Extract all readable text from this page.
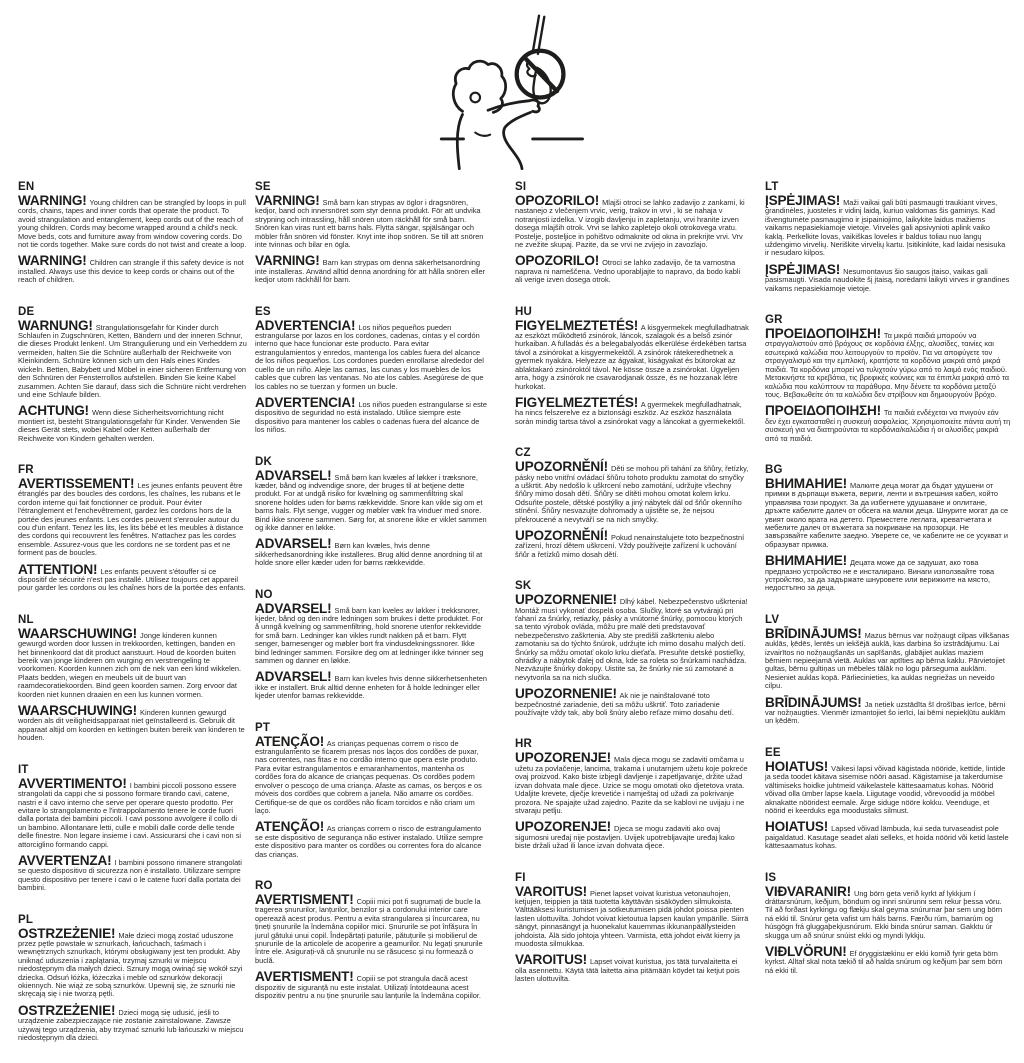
EN

WARNING! Young children can be strangled by loops in pull cords, chains, tapes and inner cords that operate the product. To avoid strangulation and entanglement, keep cords out of the reach of young children. Cords may become wrapped around a child's neck. Move beds, cots and furniture away from window covering cords. Do not tie cords together. Make sure cords do not twist and create a loop.

WARNING! Children can strangle if this safety device is not installed. Always use this device to keep cords or chains out of the reach of children.

DE

WARNUNG! Strangulationsgefahr für Kinder durch Schlaufen in Zugschnüren, Ketten, Bändern und der inneren Schnur, die dieses Produkt lenken!. Um Strangulierung und ein Verheddern zu vermeiden, halten Sie die Schnüre außerhalb der Reichweite von Kleinkindern. Schnüre können sich um den Hals eines Kindes wickeln. Betten, Babybett und Möbel in einer sicheren Entfernung von den Schnüren der Fensterrollos aufstellen. Binden Sie keine Kabel zusammen. Achten Sie darauf, dass sich die Schnüre nicht verdrehen und eine Schlaufe bilden.

ACHTUNG! Wenn diese Sicherheitsvorrichtung nicht montiert ist, besteht Strangulationsgefahr für Kinder. Verwenden Sie dieses Gerät stets, wobei Kabel oder Ketten außerhalb der Reichweite von Kindern gehalten werden.

FR

AVERTISSEMENT! Les jeunes enfants peuvent être étranglés par des boucles des cordons, les chaînes, les rubans et le cordon interne qui fait fonctionner ce produit. Pour éviter l'étranglement et l'enchevêtrement, gardez les cordons hors de la portée des jeunes enfants. Les cordes peuvent s'enrouler autour du cou d'un enfant. Tenez les lits, les lits bébé et les meubles à distance des cordons qui recouvrent les fenêtres. N'attachez pas les cordes ensemble. Assurez-vous que les cordons ne se tordent pas et ne forment pas de boucles.

ATTENTION! Les enfants peuvent s'étouffer si ce dispositif de sécurité n'est pas installé. Utilisez toujours cet appareil pour garder les cordons ou les chaînes hors de la portée des enfants.

NL

WAARSCHUWING! Jonge kinderen kunnen gewurgd worden door lussen in trekkoorden, kettingen, banden en het binnenkoord dat dit product aanstuurt. Houd de koorden buiten bereik van jonge kinderen om wurging en verstrengeling te voorkomen. Koorden kunnen zich om de nek van een kind wikkelen. Plaats bedden, wiegen en meubels uit de buurt van raamdecoratiekoorden. Bind geen koorden samen. Zorg ervoor dat koorden niet kunnen draaien en een lus kunnen vormen.

WAARSCHUWING! Kinderen kunnen gewurgd worden als dit veiligheidsapparaat niet geïnstalleerd is. Gebruik dit apparaat altijd om koorden en kettingen buiten bereik van kinderen te houden.

IT

AVVERTIMENTO! I bambini piccoli possono essere strangolati da cappi che si possono formare tirando cavi, catene, nastri e il cavo interno che serve per operare questo prodotto. Per evitare lo strangolamento e l'intrappolamento tenere le corde fuori dalla portata dei bambini piccoli. I cavi possono avvolgere il collo di un bambino. Allontanare letti, culle e mobili dalle corde delle tende delle finestre. Non legare insieme i cavi. Assicurarsi che i cavi non si attorciglino formando cappi.

AVVERTENZA! I bambini possono rimanere strangolati se questo dispositivo di sicurezza non è installato. Utilizzare sempre questo dispositivo per tenere i cavi o le catene fuori dalla portata dei bambini.

PL

OSTRZEŻENIE! Małe dzieci mogą zostać uduszone przez pętle powstałe w sznurkach, łańcuchach, taśmach i wewnętrznych sznurkach, którymi obsługiwany jest ten produkt. Aby uniknąć uduszenia i zaplątania, trzymaj sznurki w miejscu niedostępnym dla małych dzieci. Sznury mogą owinąć się wokół szyi dziecka. Odsuń łóżka, łóżeczka i meble od sznurków dekoracji okiennych. Nie wiąż ze sobą sznurków. Upewnij się, że sznurki nie skręcają się i nie tworzą pętli.

OSTRZEŻENIE! Dzieci mogą się udusić, jeśli to urządzenie zabezpieczające nie zostanie zainstalowane. Zawsze używaj tego urządzenia, aby trzymać sznurki lub łańcuszki w miejscu niedostępnym dla dzieci.

SE

VARNING! Små barn kan strypas av öglor i dragsnören, kedjor, band och innersnöret som styr denna produkt. För att undvika strypning och intrassling, håll snören utom räckhåll för små barn. Snören kan viras runt ett barns hals. Flytta sängar, spjälsängar och möbler från snören vid fönster. Knyt inte ihop snören. Se till att snören inte tvinnas och bilar en ögla.

VARNING! Barn kan strypas om denna säkerhetsanordning inte installeras. Använd alltid denna anordning för att hålla snören eller kedjor utom räckhåll för barn.

ES

ADVERTENCIA! Los niños pequeños pueden estrangularse por lazos en los cordones, cadenas, cintas y el cordón interno que hace funcionar este producto. Para evitar estrangulamientos y enredos, mantenga los cables fuera del alcance de los niños pequeños. Los cordones pueden enrollarse alrededor del cuello de un niño. Aleje las camas, las cunas y los muebles de los cables que cubren las ventanas. No ate los cables. Asegúrese de que los cables no se tuerzan y formen un bucle.

ADVERTENCIA! Los niños pueden estrangularse si este dispositivo de seguridad no está instalado. Utilice siempre este dispositivo para mantener los cables o cadenas fuera del alcance de los niños.

DK

ADVARSEL! Små børn kan kvæles af løkker i træksnore, kæder, bånd og indvendige snore, der bruges til at betjene dette produkt. For at undgå risiko for kvælning og sammenfiltring skal snorene holdes uden for børns rækkevidde. Snore kan vikle sig om et barns hals. Flyt senge, vugger og møbler væk fra vinduer med snore. Bind ikke snorene sammen. Sørg for, at snorene ikke er viklet sammen og ikke danner en løkke.

ADVARSEL! Børn kan kvæles, hvis denne sikkerhedsanordning ikke installeres. Brug altid denne anordning til at holde snore eller kæder uden for børns rækkevidde.

NO

ADVARSEL! Små barn kan kveles av løkker i trekksnorer, kjeder, bånd og den indre ledningen som brukes i dette produktet. For å unngå kvelning og sammenfiltring, hold snorene utenfor rekkevidde for små barn. Ledninger kan vikles rundt nakken på et barn. Flytt senger, barnesenger og møbler bort fra vindusdekningssnorer. Ikke bind ledninger sammen. Forsikre deg om at ledninger ikke tvinner seg sammen og danner en løkke.

ADVARSEL! Barn kan kveles hvis denne sikkerhetsenheten ikke er installert. Bruk alltid denne enheten for å holde ledninger eller kjeder utenfor barnas rekkevidde.

PT

ATENÇÃO! As crianças pequenas correm o risco de estrangulamento se ficarem presas nos laços dos cordões de puxar, nas correntes, nas fitas e no cordão interno que opera este produto. Para evitar estrangulamentos e emaranhamentos, mantenha os cordões fora do alcance de crianças pequenas. Os cordões podem envolver o pescoço de uma criança. Afaste as camas, os berços e os móveis dos cordões que cobrem a janela. Não amarre os cordões. Certifique-se de que os cordões não ficam torcidos e não criam um laço.

ATENÇÃO! As crianças correm o risco de estrangulamento se este dispositivo de segurança não estiver instalado. Utilize sempre este dispositivo para manter os cordões ou correntes fora do alcance das crianças.

RO

AVERTISMENT! Copiii mici pot fi sugrumați de bucle la tragerea șnururilor, lanțurilor, benzilor și a cordonului interior care operează acest produs. Pentru a evita strangularea și încurcarea, nu țineți șnururile la îndemâna copiilor mici. Șnururile se pot înfășura în jurul gâtului unui copil. Îndepărtați paturile, pătuțurile și mobilierul de șnururile de la articolele de acoperire a geamurilor. Nu legați șnururile între ele. Asigurați-vă că șnururile nu se răsucesc și nu formează o buclă.

AVERTISMENT! Copiii se pot strangula dacă acest dispozitiv de siguranță nu este instalat. Utilizați întotdeauna acest dispozitiv pentru a nu ține șnururile sau lanțurile la îndemâna copiilor.

SI

OPOZORILO! Mlajši otroci se lahko zadavijo z zankami, ki nastanejo z vlečenjem vrvic, verig, trakov in vrvi , ki se nahaja v notranjosti izdelka. V izogib davljenju in zapletanju, vrvi hranite izven dosega mlajših otrok. Vrvi se lahko zapletejo okoli otrokovega vratu. Postelje, posteljice in pohištvo odmaknite od okna in prekrijte vrvi. Vrv ne zvežite skupaj. Pazite, da se vrvi ne zvijejo in zavozlajo.

OPOZORILO! Otroci se lahko zadavijo, če ta varnostna naprava ni nameščena. Vedno uporabljajte to napravo, da bodo kabli ali verige izven dosega otrok.

HU

FIGYELMEZTETÉS! A kisgyermekek megfulladhatnak az eszközt működtető zsinórok, láncok, szalagok és a belső zsinór hurkaiban. A fulladás és a belegabalyodás elkerülése érdekében tartsa távol a zsinórokat a kisgyermekektől. A zsinórok rátekeredhetnek a gyermek nyakára. Helyezze az ágyakat, kiságyakat és bútorokat az ablaktakaró zsinóroktól távol. Ne kösse össze a zsinórokat. Ügyeljen arra, hogy a zsinórok ne csavarodjanak össze, és ne hozzanak létre hurkokat.

FIGYELMEZTETÉS! A gyermekek megfulladhatnak, ha nincs felszerelve ez a biztonsági eszköz. Az eszköz használata során mindig tartsa távol a zsinórokat vagy a láncokat a gyermekektől.

CZ

UPOZORNĚNÍ! Děti se mohou při tahání za šňůry, řetízky, pásky nebo vnitřní ovládací šňůru tohoto produktu zamotat do smyčky a uškrtit. Aby nedošlo k uškrcení nebo zamotání, udržujte všechny šňůry mimo dosah dětí. Šňůry se dítěti mohou omotat kolem krku. Odsuňte postele, dětské postýlky a jiný nábytek dál od šňůr okenního stínění. Šňůry nesvazujte dohromady a ujistěte se, že nejsou překroucené a nevytváří se na nich smyčky.

UPOZORNĚNÍ! Pokud nenainstalujete toto bezpečnostní zařízení, hrozí dětem uškrcení. Vždy používejte zařízení k uchování šňůr a řetízků mimo dosah dětí.

SK

UPOZORNENIE! Dlhý kábel. Nebezpečenstvo uškrtenia! Montáž musí vykonať dospelá osoba. Slučky, ktoré sa vytvárajú pri ťahaní za šnúrky, retiazky, pásky a vnútorné šnúrky, pomocou ktorých sa tento výrobok ovláda, môžu pre malé deti predstavovať nebezpečenstvo zaškrtenia. Aby ste predišli zaškrteniu alebo zamotaniu sa do týchto šnúrok, udržujte ich mimo dosahu malých detí. Šnúrky sa môžu omotať okolo krku dieťaťa. Presuňte detské postieľky, ohrádky a nábytok ďalej od okna, kde sa roleta so šnúrkami nachádza. Nezväzujte šnúrky dokopy. Uistite sa, že šnúrky nie sú zamotané a nevytvorila sa na nich slučka.

UPOZORNENIE! Ak nie je nainštalované toto bezpečnostné zariadenie, deti sa môžu uškrtiť. Toto zariadenie používajte vždy tak, aby boli šnúry alebo reťaze mimo dosahu detí.

HR

UPOZORENJE! Mala djeca mogu se zadaviti omčama u užetu za povlačenje, lancima, trakama i unutarnjem užetu koje pokreće ovaj proizvod. Kako biste izbjegli davljenje i zapetljavanje, držite užad izvan dohvata male djece. Uzice se mogu omotati oko djetetova vrata. Udaljite krevete, dječje krevetiće i namještaj od užadi za pokrivanje prozora. Ne spajajte užad zajedno. Pazite da se kablovi ne uvijaju i ne stvaraju petlju.

UPOZORENJE! Djeca se mogu zadaviti ako ovaj sigurnosni uređaj nije postavljen. Uvijek upotrebljavajte uređaj kako biste držali užad ili lance izvan dohvata djece.

FI

VAROITUS! Pienet lapset voivat kuristua vetonauhojen, ketjujen, teippien ja tätä tuotetta käyttävän sisäköyden silmukoista. Välttääksesi kuristumisen ja sotkeutumisen pidä johdot poissa pienten lasten ulottuvilta. Johdot voivat kietoutua lapsen kaulan ympärille. Siirrä sängyt, pinnasängyt ja huonekalut kauemmas ikkunanpäällysteiden johdoista. Älä sido johtoja yhteen. Varmista, että johdot eivät kierry ja muodosta silmukkaa.

VAROITUS! Lapset voivat kuristua, jos tätä turvalaitetta ei olla asennettu. Käytä tätä laitetta aina pitämään köydet tai ketjut pois lasten ulottuvilta.

LT

ĮSPĖJIMAS! Maži vaikai gali būti pasmaugti traukiant virves, grandinėles, juosteles ir vidinį laidą, kuriuo valdomas šis gaminys. Kad išvengtumėte pasmaugimo ir įsipainiojimo, laikykite laidus mažiems vaikams nepasiekiamoje vietoje. Virvelės gali apsivynioti aplink vaiko kaklą. Perkelkite lovas, vaikiškas loveles ir baldus toliau nuo langų uždengimo virvelių. Neriškite virvelių kartu. Įsitikinkite, kad laidai nesisuka ir nesudaro kilpos.

ĮSPĖJIMAS! Nesumontavus šio saugos įtaiso, vaikas gali pasismaugti. Visada naudokite šį įtaisą, norėdami laikyti virves ir grandines vaikams nepasiekiamoje vietoje.

GR

ΠΡΟΕΙΔΟΠΟΙΗΣΗ! Τα μικρά παιδιά μπορούν να στραγγαλιστούν από βρόχους σε κορδόνια έλξης, αλυσίδες, ταινίες και εσωτερικά καλώδια που λειτουργούν το προϊόν. Για να αποφύγετε τον στραγγαλισμό και την εμπλοκή, κρατήστε τα κορδόνια μακριά από μικρά παιδιά. Τα κορδόνια μπορεί να τυλιχτούν γύρω από το λαιμό ενός παιδιού. Μετακινήστε τα κρεβάτια, τις βρεφικές κούνιες και τα έπιπλα μακριά από τα καλώδια που καλύπτουν τα παράθυρα. Μην δένετε τα κορδόνια μεταξύ τους. Βεβαιωθείτε ότι τα καλώδια δεν στρίβουν και δημιουργούν βρόχο.

ΠΡΟΕΙΔΟΠΟΙΗΣΗ! Τα παιδιά ενδέχεται να πνιγούν εάν δεν έχει εγκατασταθεί η συσκευή ασφαλείας. Χρησιμοποιείτε πάντα αυτή τη συσκευή για να διατηρούνται τα κορδόνια/καλώδια ή οι αλυσίδες μακριά από τα παιδιά.

BG

ВНИМАНИЕ! Малките деца могат да бъдат удушени от примки в дърпащи въжета, вериги, ленти и вътрешния кабел, който управлява този продукт. За да избегнете удушаване и оплитане, дръжте кабелите далеч от обсега на малки деца. Шнурите могат да се увият около врата на детето. Преместете леглата, креватчетата и мебелите далеч от въжетата за покриване на прозорци. Не завързвайте кабелите заедно. Уверете се, че кабелите не се усукват и образуват примка.

ВНИМАНИЕ! Децата може да се задушат, ако това предпазно устройство не е инсталирано. Винаги използвайте това устройство, за да задържате шнуровете или верижките на място, недостъпно за деца.

LV

BRĪDINĀJUMS! Mazus bērnus var nožņaugt cilpas vilkšanas auklās, ķēdēs, lentēs un iekšējā auklā, kas darbina šo izstrādājumu. Lai izvairītos no nožņaugšanās un sapīšanās, glabājiet auklas maziem bērniem nepieejamā vietā. Auklas var aptīties ap bērna kaklu. Pārvietojiet gultas, bērnu gultiņas un mēbeles tālāk no logu pārseguma auklām. Nesieniet auklas kopā. Pārliecinieties, ka auklas negriežas un neveido cilpu.

BRĪDINĀJUMS! Ja netiek uzstādīta šī drošības ierīce, bērni var nožņaugties. Vienmēr izmantojiet šo ierīci, lai bērni nepiekļūtu auklām un ķēdēm.

EE

HOIATUS! Väikesi lapsi võivad kägistada nööride, kettide, lintide ja seda toodet käitava sisemise nööri aasad. Kägistamise ja takerdumise vältimiseks hoidke juhtmeid väikelastele kättesaamatus kohas. Nöörid võivad olla ümber lapse kaela. Liigutage voodid, võrevoodid ja mööbel aknakatte nööridest eemale. Ärge siduge nööre kokku. Veenduge, et nöörid ei keerduks ega moodustaks silmust.

HOIATUS! Lapsed võivad lämbuda, kui seda turvaseadist pole paigaldatud. Kasutage seadet alati selleks, et hoida nöörid või ketid lastele kättesaamatus kohas.

IS

VIÐVARANIR! Ung börn geta verið kyrkt af lykkjum í dráttarsnúrum, keðjum, böndum og innri snúrunni sem rekur þessa vöru. Til að forðast kyrkingu og flækju skal geyma snúrurnar þar sem ung börn ná ekki til. Snúrur geta vafist um háls barns. Færðu rúm, barnarúm og húsgögn frá gluggaþekjusnúrum. Ekki binda snúrur saman. Gakktu úr skugga um að snúrur snúist ekki og myndi lykkju.

VIÐLVÖRUN! Ef öryggistækinu er ekki komið fyrir geta börn kyrkst. Alltaf skal nota tækið til að halda snúrum og keðjum þar sem börn ná ekki til.
